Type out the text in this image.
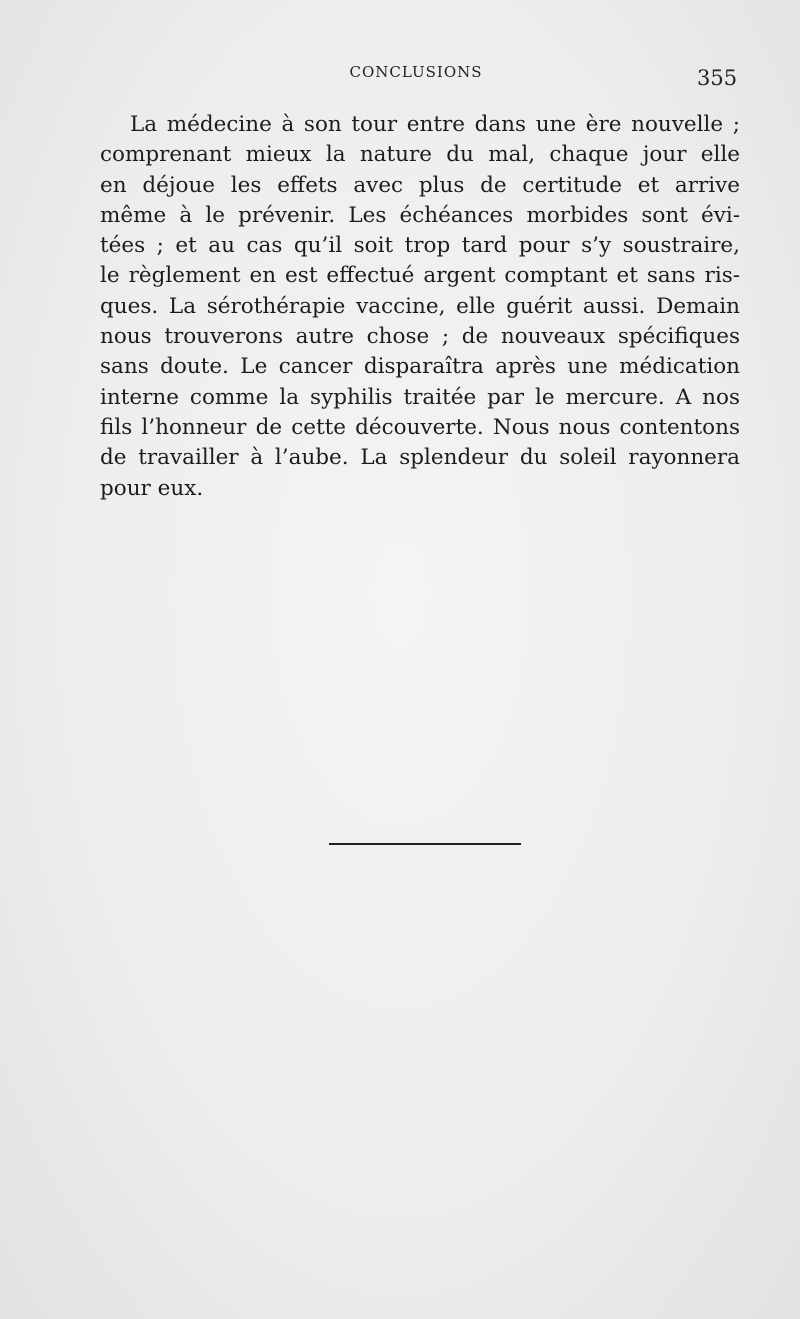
CONCLUSIONS	355
La médecine à son tour entre dans une ère nouvelle ;
comprenant mieux la nature du mal, chaque jour elle
en déjoue les effets avec plus de certitude et arrive
même à le prévenir. Les échéances morbides sont évi-
tées ; et au cas qu’il soit trop tard pour s’y soustraire,
le règlement en est effectué argent comptant et sans ris-
ques. La sérothérapie vaccine, elle guérit aussi. Demain
nous trouverons autre chose ; de nouveaux spécifiques
sans doute. Le cancer disparaîtra après une médication
interne comme la syphilis traitée par le mercure. A nos
fils l’honneur de cette découverte. Nous nous contentons
de travailler à l’aube. La splendeur du soleil rayonnera
pour eux.
